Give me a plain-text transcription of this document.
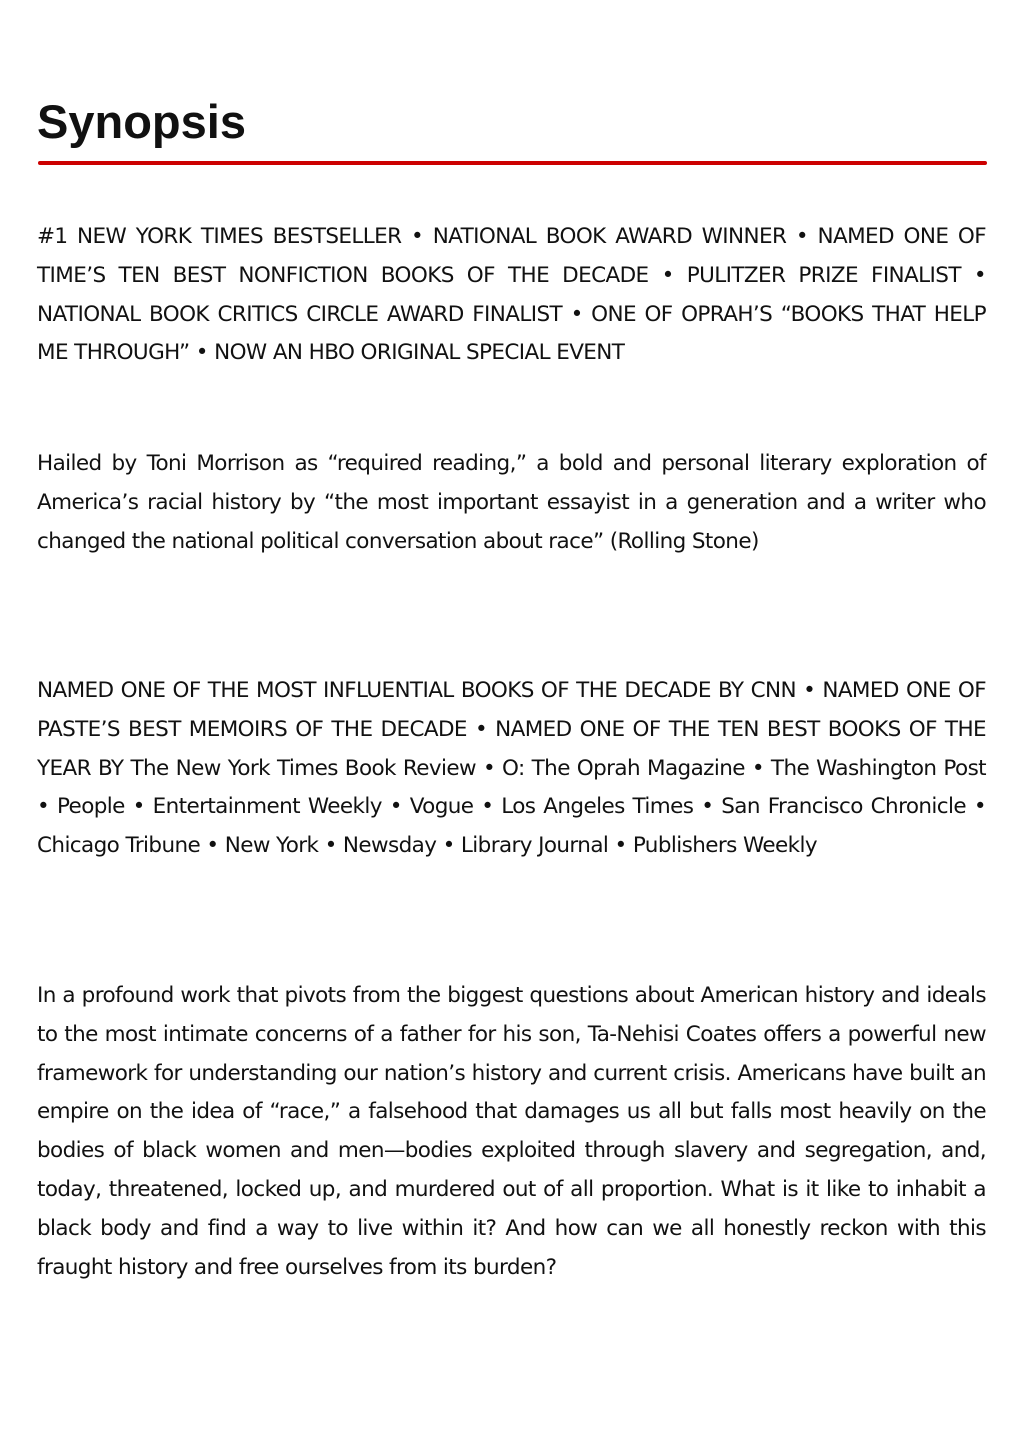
Synopsis

#1 NEW YORK TIMES BESTSELLER • NATIONAL BOOK AWARD WINNER • NAMED ONE OF TIME’S TEN BEST NONFICTION BOOKS OF THE DECADE • PULITZER PRIZE FINALIST • NATIONAL BOOK CRITICS CIRCLE AWARD FINALIST • ONE OF OPRAH’S “BOOKS THAT HELP ME THROUGH” • NOW AN HBO ORIGINAL SPECIAL EVENT

Hailed by Toni Morrison as “required reading,” a bold and personal literary exploration of America’s racial history by “the most important essayist in a generation and a writer who changed the national political conversation about race” (Rolling Stone)

NAMED ONE OF THE MOST INFLUENTIAL BOOKS OF THE DECADE BY CNN • NAMED ONE OF PASTE’S BEST MEMOIRS OF THE DECADE • NAMED ONE OF THE TEN BEST BOOKS OF THE YEAR BY The New York Times Book Review • O: The Oprah Magazine • The Washington Post • People • Entertainment Weekly • Vogue • Los Angeles Times • San Francisco Chronicle • Chicago Tribune • New York • Newsday • Library Journal • Publishers Weekly

In a profound work that pivots from the biggest questions about American history and ideals to the most intimate concerns of a father for his son, Ta-Nehisi Coates offers a powerful new framework for understanding our nation’s history and current crisis. Americans have built an empire on the idea of “race,” a falsehood that damages us all but falls most heavily on the bodies of black women and men—bodies exploited through slavery and segregation, and, today, threatened, locked up, and murdered out of all proportion. What is it like to inhabit a black body and find a way to live within it? And how can we all honestly reckon with this fraught history and free ourselves from its burden?
